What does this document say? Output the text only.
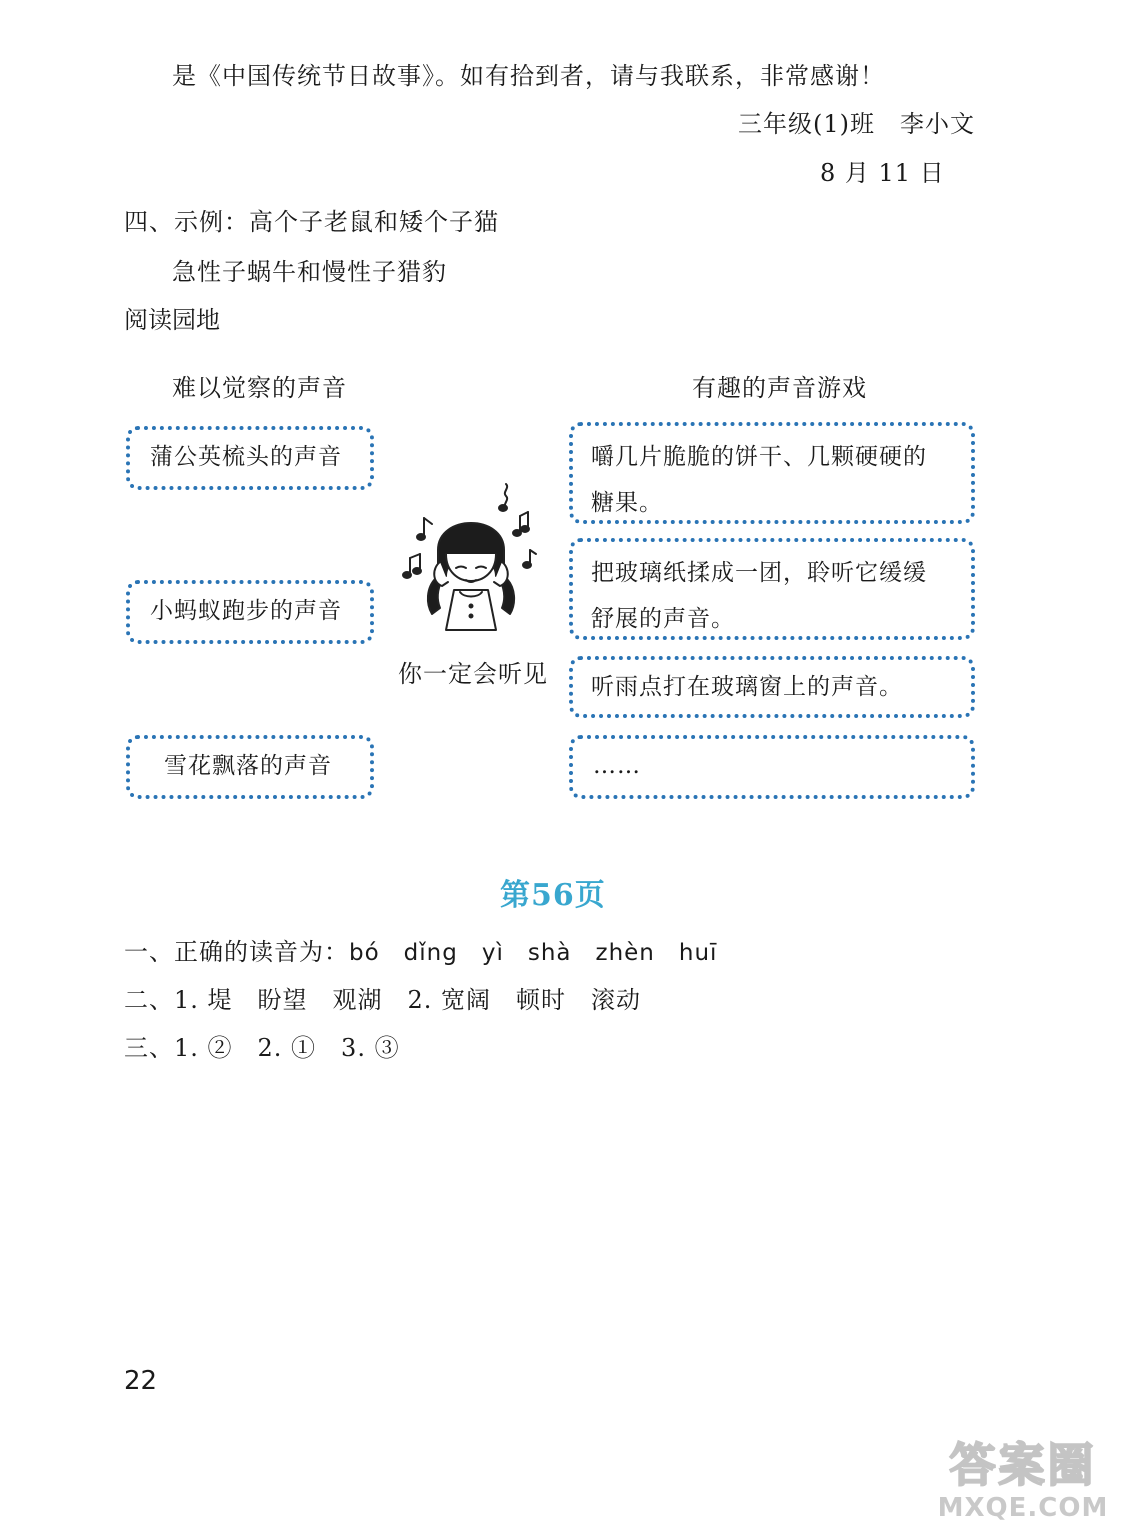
是《中国传统节日故事》。如有拾到者，请与我联系，非常感谢！
三年级(1)班　李小文
8 月 11 日
四、示例：高个子老鼠和矮个子猫
急性子蜗牛和慢性子猎豹
阅读园地
难以觉察的声音	有趣的声音游戏
蒲公英梳头的声音
小蚂蚁跑步的声音
雪花飘落的声音
嚼几片脆脆的饼干、几颗硬硬的
糖果。
把玻璃纸揉成一团，聆听它缓缓
舒展的声音。
听雨点打在玻璃窗上的声音。
……
你一定会听见
第56页
一、正确的读音为：bó　dǐng　yì　shà　zhèn　huī
二、1. 堤　盼望　观湖　2. 宽阔　顿时　滚动
三、1. ②　2. ①　3. ③
22
答案圈
MXQE.COM
